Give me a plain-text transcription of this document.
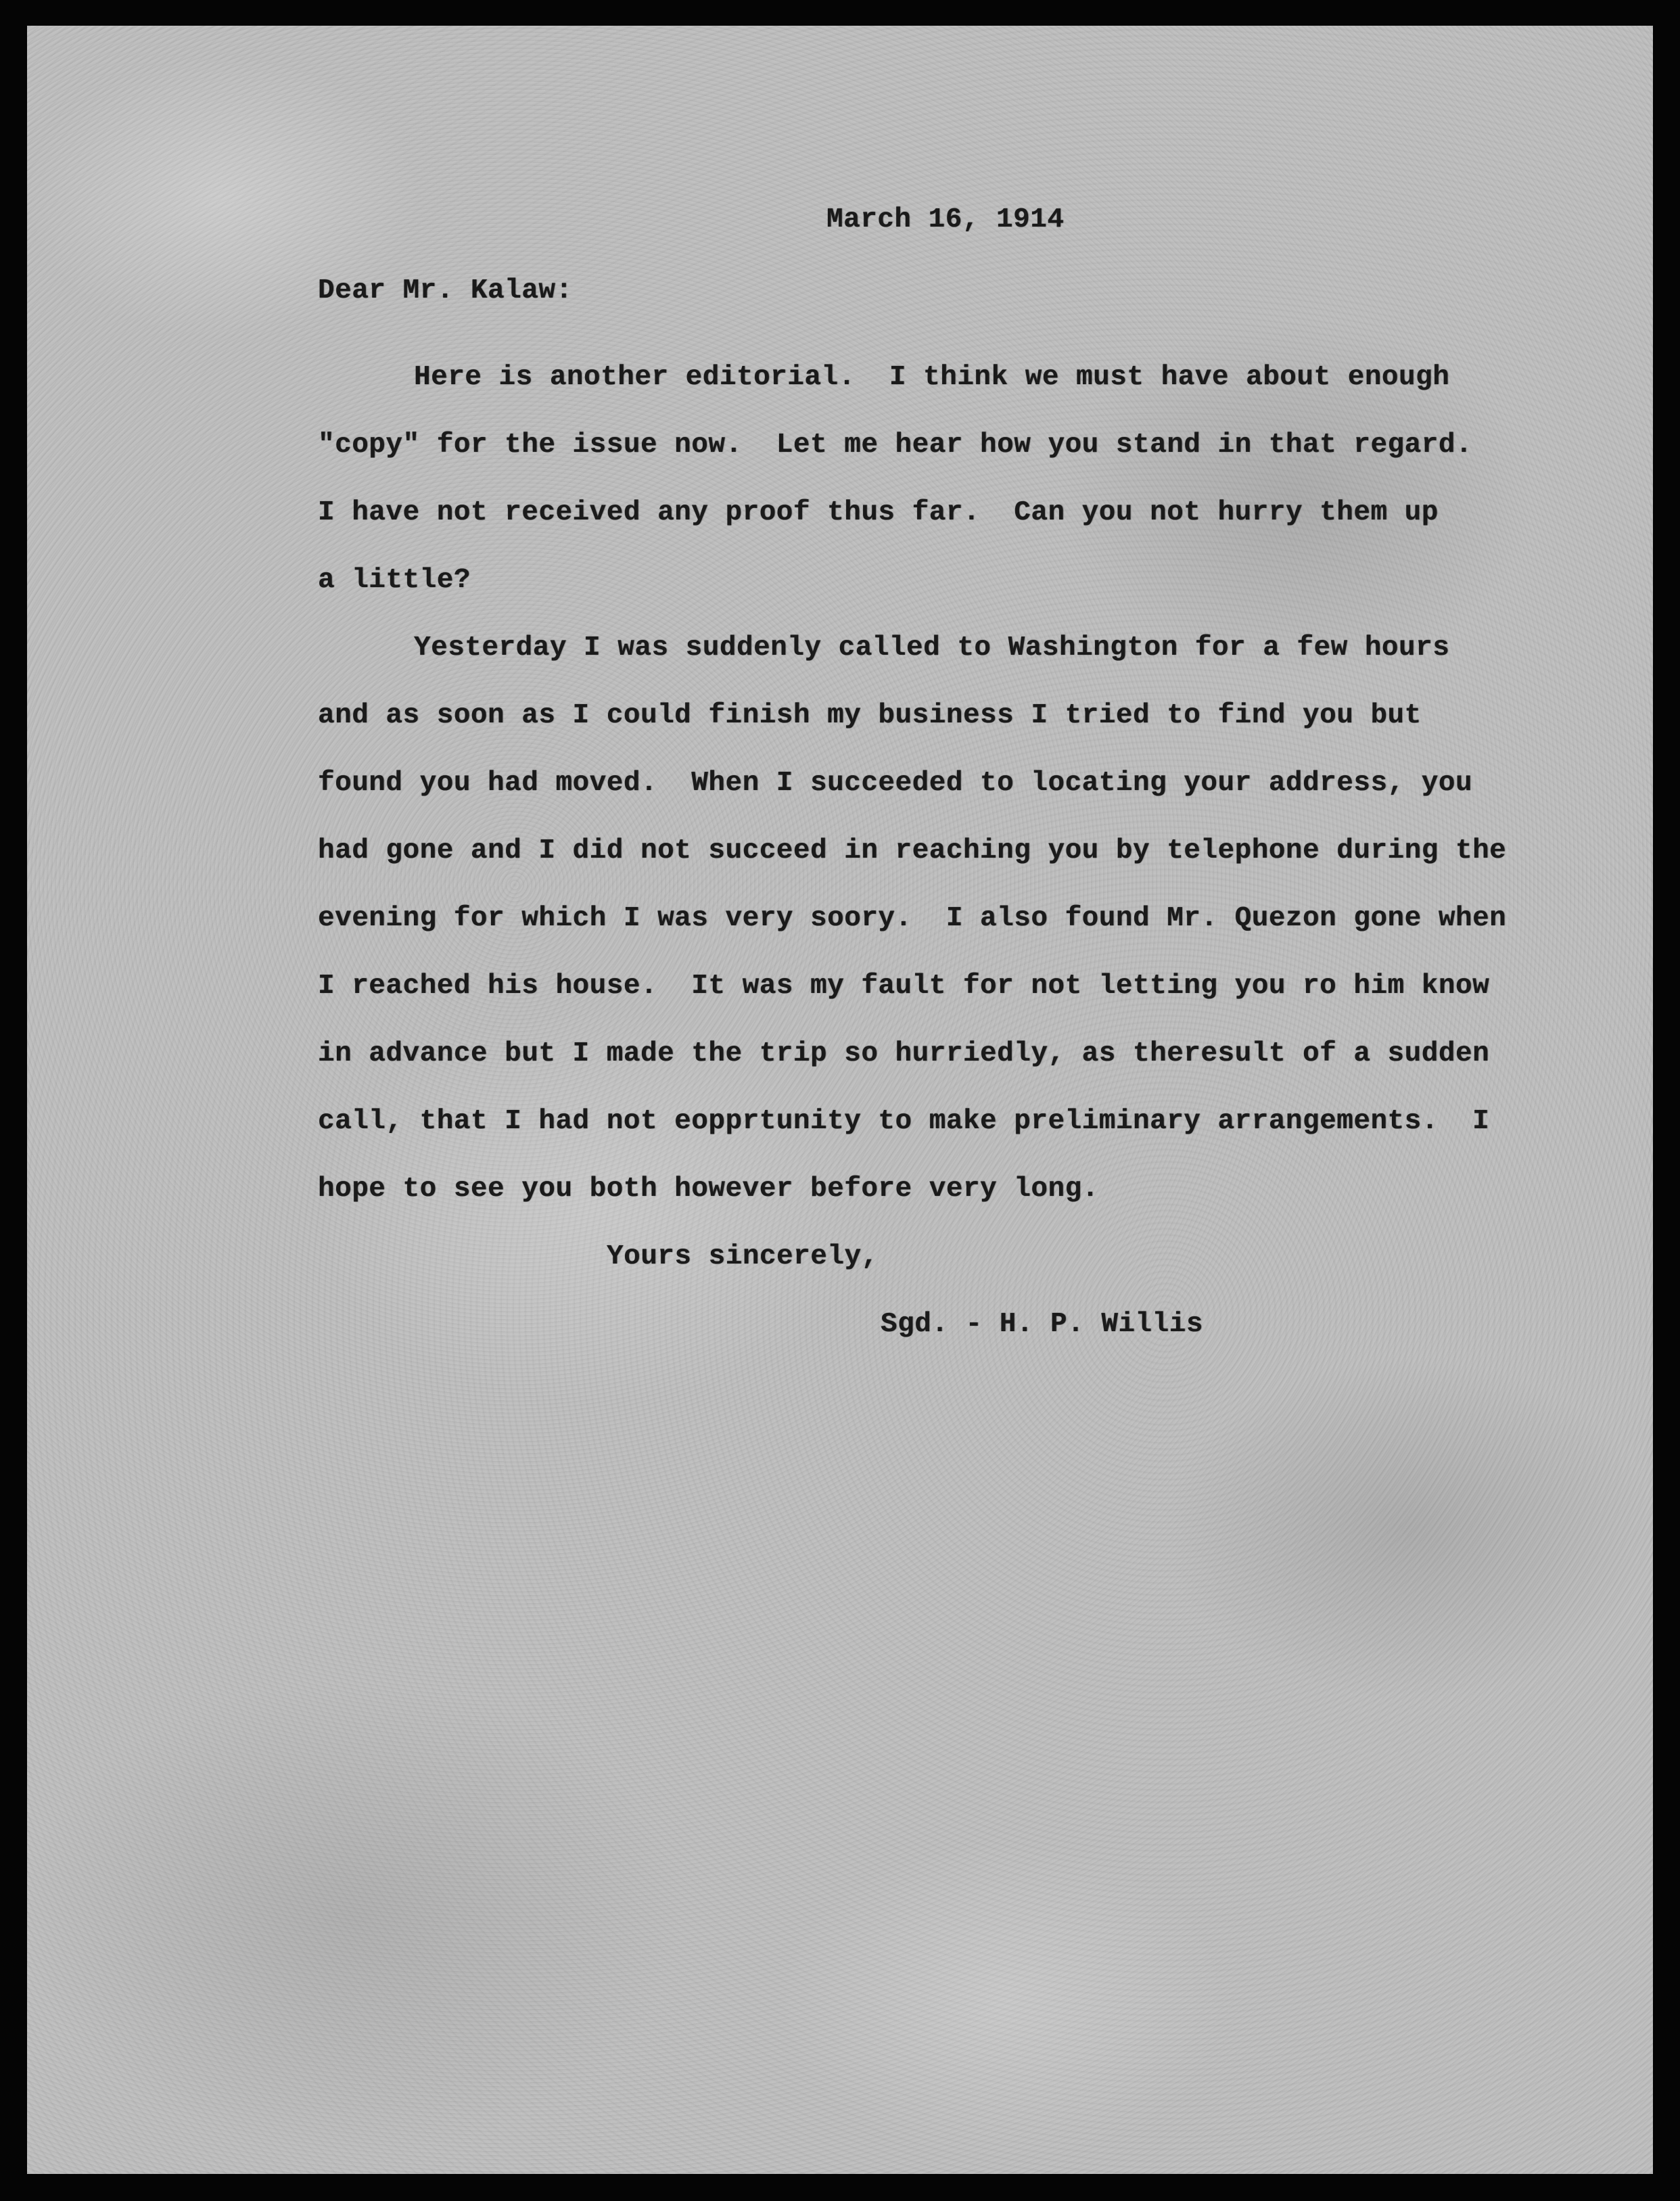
March 16, 1914
Dear Mr. Kalaw:
Here is another editorial.  I think we must have about enough
"copy" for the issue now.  Let me hear how you stand in that regard.
I have not received any proof thus far.  Can you not hurry them up
a little?
Yesterday I was suddenly called to Washington for a few hours
and as soon as I could finish my business I tried to find you but
found you had moved.  When I succeeded to locating your address, you
had gone and I did not succeed in reaching you by telephone during the
evening for which I was very soory.  I also found Mr. Quezon gone when
I reached his house.  It was my fault for not letting you ro him know
in advance but I made the trip so hurriedly, as theresult of a sudden
call, that I had not eopprtunity to make preliminary arrangements.  I
hope to see you both however before very long.
Yours sincerely,
Sgd. - H. P. Willis
